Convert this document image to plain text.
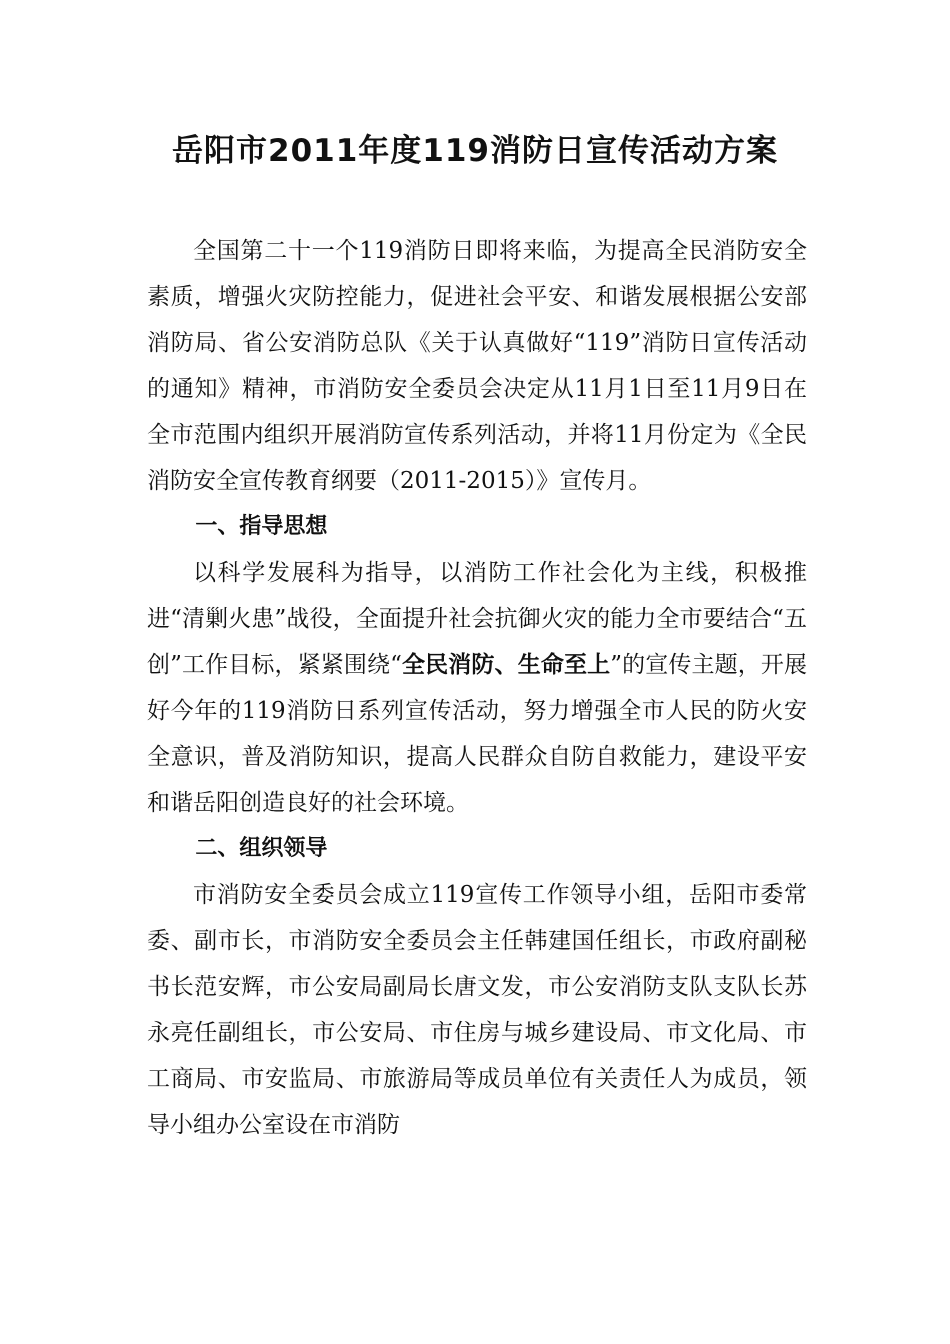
岳阳市2011年度119消防日宣传活动方案

全国第二十一个119消防日即将来临，为提高全民消防安全素质，增强火灾防控能力，促进社会平安、和谐发展根据公安部消防局、省公安消防总队《关于认真做好“119”消防日宣传活动的通知》精神，市消防安全委员会决定从11月1日至11月9日在全市范围内组织开展消防宣传系列活动，并将11月份定为《全民消防安全宣传教育纲要（2011-2015）》宣传月。

一、指导思想

以科学发展科为指导，以消防工作社会化为主线，积极推进“清剿火患”战役，全面提升社会抗御火灾的能力全市要结合“五创”工作目标，紧紧围绕“全民消防、生命至上”的宣传主题，开展好今年的119消防日系列宣传活动，努力增强全市人民的防火安全意识，普及消防知识，提高人民群众自防自救能力，建设平安和谐岳阳创造良好的社会环境。

二、组织领导

市消防安全委员会成立119宣传工作领导小组，岳阳市委常委、副市长，市消防安全委员会主任韩建国任组长，市政府副秘书长范安辉，市公安局副局长唐文发，市公安消防支队支队长苏永亮任副组长，市公安局、市住房与城乡建设局、市文化局、市工商局、市安监局、市旅游局等成员单位有关责任人为成员，领导小组办公室设在市消防
